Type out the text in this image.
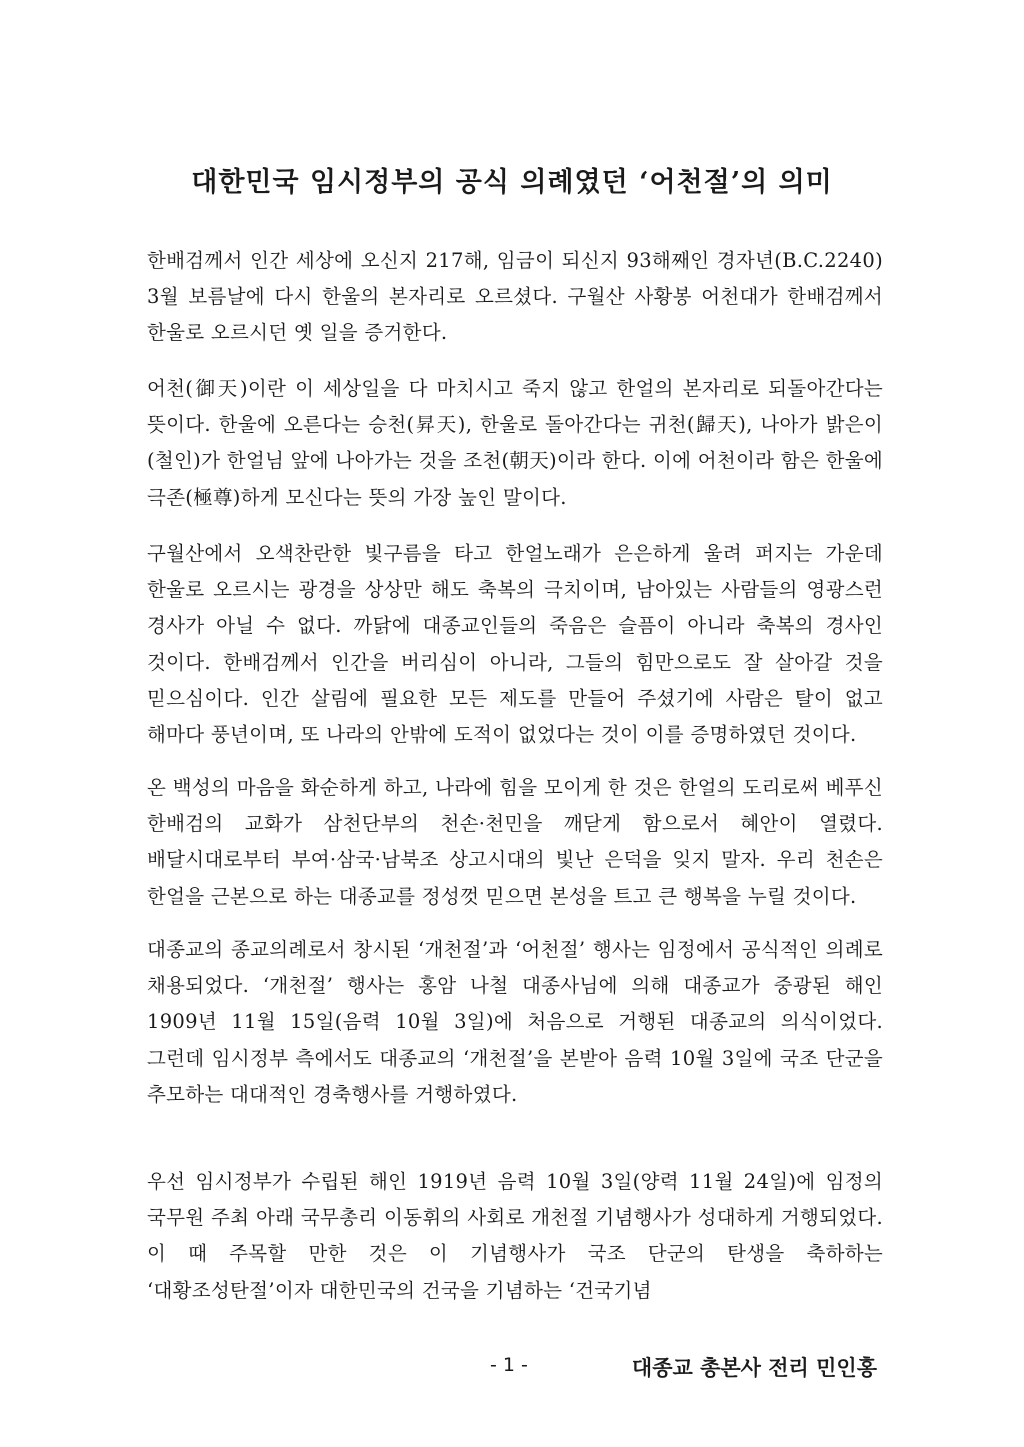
대한민국 임시정부의 공식 의례였던 ‘어천절’의 의미

한배검께서 인간 세상에 오신지 217해, 임금이 되신지 93해째인 경자년(B.C.2240) 3월 보름날에 다시 한울의 본자리로 오르셨다. 구월산 사황봉 어천대가 한배검께서 한울로 오르시던 옛 일을 증거한다.

어천(御天)이란 이 세상일을 다 마치시고 죽지 않고 한얼의 본자리로 되돌아간다는 뜻이다. 한울에 오른다는 승천(昇天), 한울로 돌아간다는 귀천(歸天), 나아가 밝은이(철인)가 한얼님 앞에 나아가는 것을 조천(朝天)이라 한다. 이에 어천이라 함은 한울에 극존(極尊)하게 모신다는 뜻의 가장 높인 말이다.

구월산에서 오색찬란한 빛구름을 타고 한얼노래가 은은하게 울려 퍼지는 가운데 한울로 오르시는 광경을 상상만 해도 축복의 극치이며, 남아있는 사람들의 영광스런 경사가 아닐 수 없다. 까닭에 대종교인들의 죽음은 슬픔이 아니라 축복의 경사인 것이다. 한배검께서 인간을 버리심이 아니라, 그들의 힘만으로도 잘 살아갈 것을 믿으심이다. 인간 살림에 필요한 모든 제도를 만들어 주셨기에 사람은 탈이 없고 해마다 풍년이며, 또 나라의 안밖에 도적이 없었다는 것이 이를 증명하였던 것이다.

온 백성의 마음을 화순하게 하고, 나라에 힘을 모이게 한 것은 한얼의 도리로써 베푸신 한배검의 교화가 삼천단부의 천손·천민을 깨닫게 함으로서 혜안이 열렸다. 배달시대로부터 부여·삼국·남북조 상고시대의 빛난 은덕을 잊지 말자. 우리 천손은 한얼을 근본으로 하는 대종교를 정성껏 믿으면 본성을 트고 큰 행복을 누릴 것이다.

대종교의 종교의례로서 창시된 ‘개천절’과 ‘어천절’ 행사는 임정에서 공식적인 의례로 채용되었다. ‘개천절’ 행사는 홍암 나철 대종사님에 의해 대종교가 중광된 해인 1909년 11월 15일(음력 10월 3일)에 처음으로 거행된 대종교의 의식이었다. 그런데 임시정부 측에서도 대종교의 ‘개천절’을 본받아 음력 10월 3일에 국조 단군을 추모하는 대대적인 경축행사를 거행하였다.

우선 임시정부가 수립된 해인 1919년 음력 10월 3일(양력 11월 24일)에 임정의 국무원 주최 아래 국무총리 이동휘의 사회로 개천절 기념행사가 성대하게 거행되었다. 이 때 주목할 만한 것은 이 기념행사가 국조 단군의 탄생을 축하하는 ‘대황조성탄절’이자 대한민국의 건국을 기념하는 ‘건국기념

- 1 -	대종교 총본사 전리 민인홍
